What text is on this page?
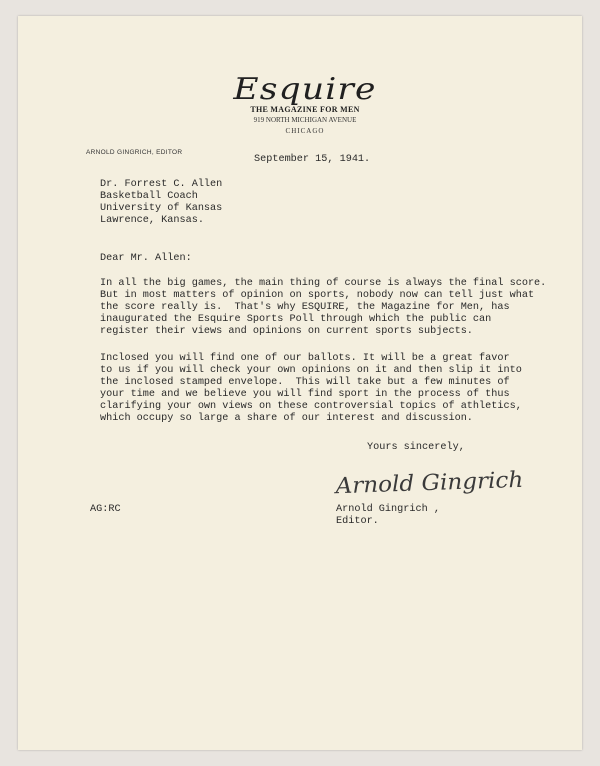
Esquire
THE MAGAZINE FOR MEN
919 NORTH MICHIGAN AVENUE
CHICAGO
ARNOLD GINGRICH, EDITOR
September 15, 1941.
Dr. Forrest C. Allen
Basketball Coach
University of Kansas
Lawrence, Kansas.
Dear Mr. Allen:
In all the big games, the main thing of course is always the final score.
But in most matters of opinion on sports, nobody now can tell just what
the score really is.  That's why ESQUIRE, the Magazine for Men, has
inaugurated the Esquire Sports Poll through which the public can
register their views and opinions on current sports subjects.
Inclosed you will find one of our ballots. It will be a great favor
to us if you will check your own opinions on it and then slip it into
the inclosed stamped envelope.  This will take but a few minutes of
your time and we believe you will find sport in the process of thus
clarifying your own views on these controversial topics of athletics,
which occupy so large a share of our interest and discussion.
Yours sincerely,
Arnold Gingrich
AG:RC	Arnold Gingrich ,
Editor.
